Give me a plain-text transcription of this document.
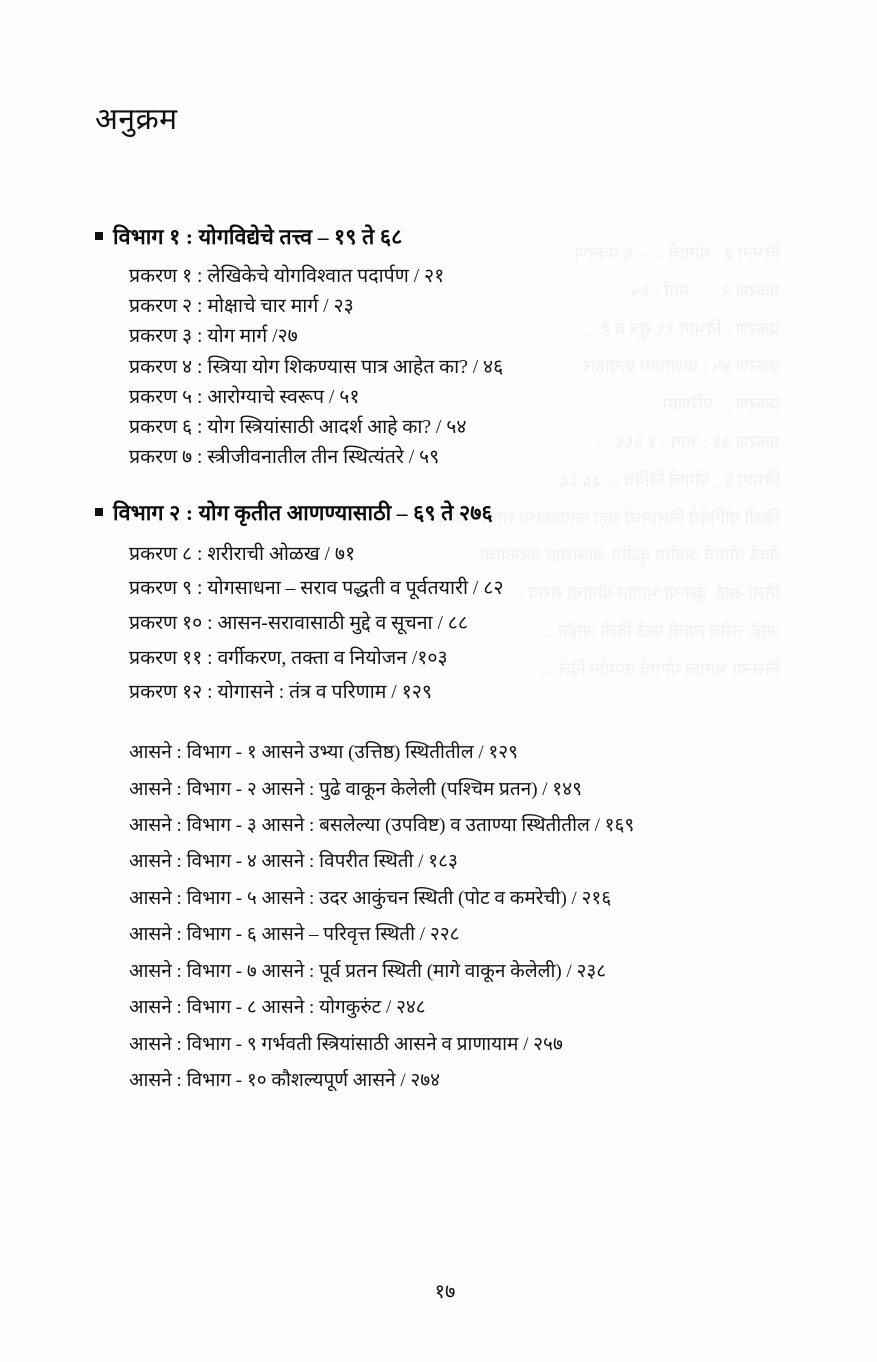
विभाग ३ : योगाचे ... – ६ प्रकरण
प्रकरण ९ : ... मार्ग / ६५
प्रकरण : विभाग ११ सूत्र व हे ...
प्रकरण ४५ : प्राणायाम प्रत्याहार ...
प्रकरण ... परिणाम
प्रकरण ३१ : भाग : १ ६६६ ...
विभाग ४ : योगाचे विविध ... ३६ ८६
किशी योगिवेचे तिलामध्ये सहा कायाकाभ्य साधानाची या
तेवढे योगाचे अयोग्य कृतीत आत्मसात करण्याचा ...
तिला आहे. दुसऱ्या भागात योगाचा सराव ...
आहे, तसेच त्याची फळे दिली आहेत ...
तिसऱ्या भागात योगाचे उपयोग दिले ...
अनुक्रम
विभाग १ : योगविद्येचे तत्त्व – १९ ते ६८
प्रकरण १ : लेखिकेचे योगविश्वात पदार्पण / २१
प्रकरण २ : मोक्षाचे चार मार्ग / २३
प्रकरण ३ : योग मार्ग /२७
प्रकरण ४ : स्त्रिया योग शिकण्यास पात्र आहेत का? / ४६
प्रकरण ५ : आरोग्याचे स्वरूप / ५१
प्रकरण ६ : योग स्त्रियांसाठी आदर्श आहे का? / ५४
प्रकरण ७ : स्त्रीजीवनातील तीन स्थित्यंतरे / ५९
विभाग २ : योग कृतीत आणण्यासाठी – ६९ ते २७६
प्रकरण ८ : शरीराची ओळख / ७१
प्रकरण ९ : योगसाधना – सराव पद्धती व पूर्वतयारी / ८२
प्रकरण १० : आसन-सरावासाठी मुद्दे व सूचना / ८८
प्रकरण ११ : वर्गीकरण, तक्ता व नियोजन /१०३
प्रकरण १२ : योगासने : तंत्र व परिणाम / १२९
आसने : विभाग - १ आसने उभ्या (उत्तिष्ठ) स्थितीतील / १२९
आसने : विभाग - २ आसने : पुढे वाकून केलेली (पश्चिम प्रतन) / १४९
आसने : विभाग - ३ आसने : बसलेल्या (उपविष्ट) व उताण्या स्थितीतील / १६९
आसने : विभाग - ४ आसने : विपरीत स्थिती / १८३
आसने : विभाग - ५ आसने : उदर आकुंचन स्थिती (पोट व कमरेची) / २१६
आसने : विभाग - ६ आसने – परिवृत्त स्थिती / २२८
आसने : विभाग - ७ आसने : पूर्व प्रतन स्थिती (मागे वाकून केलेली) / २३८
आसने : विभाग - ८ आसने : योगकुरुंट / २४८
आसने : विभाग - ९ गर्भवती स्त्रियांसाठी आसने व प्राणायाम / २५७
आसने : विभाग - १० कौशल्यपूर्ण आसने / २७४
१७
